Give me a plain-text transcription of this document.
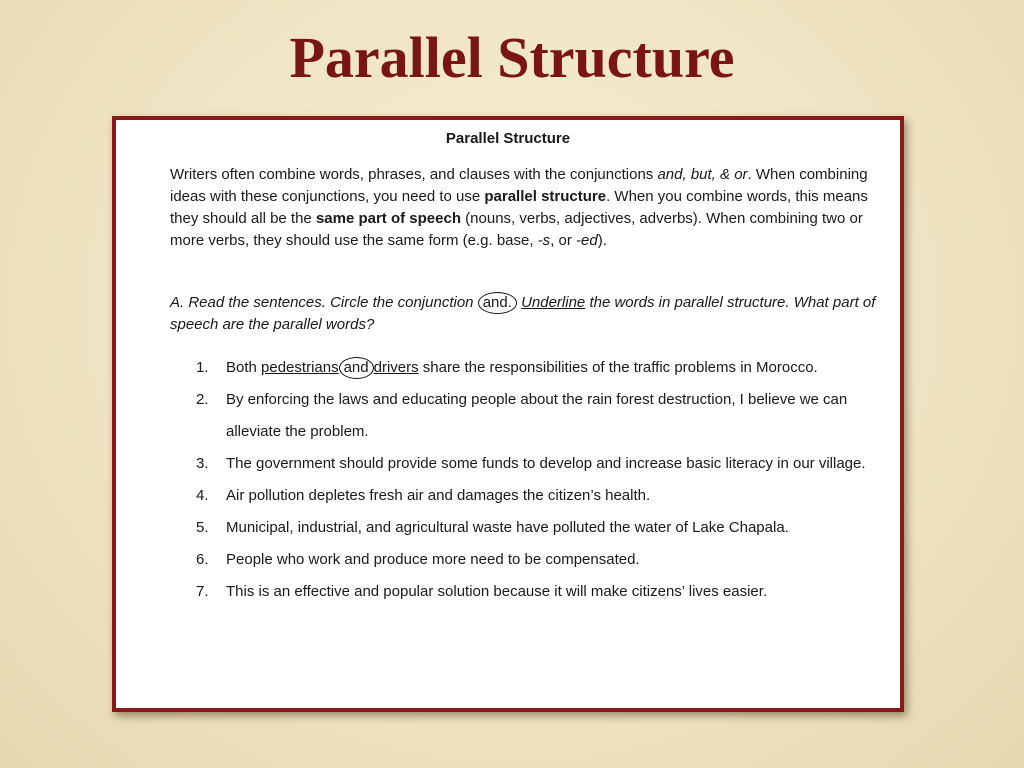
Parallel Structure
Parallel Structure
Writers often combine words, phrases, and clauses with the conjunctions and, but, & or. When combining ideas with these conjunctions, you need to use parallel structure. When you combine words, this means they should all be the same part of speech (nouns, verbs, adjectives, adverbs). When combining two or more verbs, they should use the same form (e.g. base, -s, or -ed).
A. Read the sentences. Circle the conjunction and. Underline the words in parallel structure. What part of speech are the parallel words?
1. Both pedestrians and drivers share the responsibilities of the traffic problems in Morocco.
2. By enforcing the laws and educating people about the rain forest destruction, I believe we can alleviate the problem.
3. The government should provide some funds to develop and increase basic literacy in our village.
4. Air pollution depletes fresh air and damages the citizen’s health.
5. Municipal, industrial, and agricultural waste have polluted the water of Lake Chapala.
6. People who work and produce more need to be compensated.
7. This is an effective and popular solution because it will make citizens’ lives easier.
